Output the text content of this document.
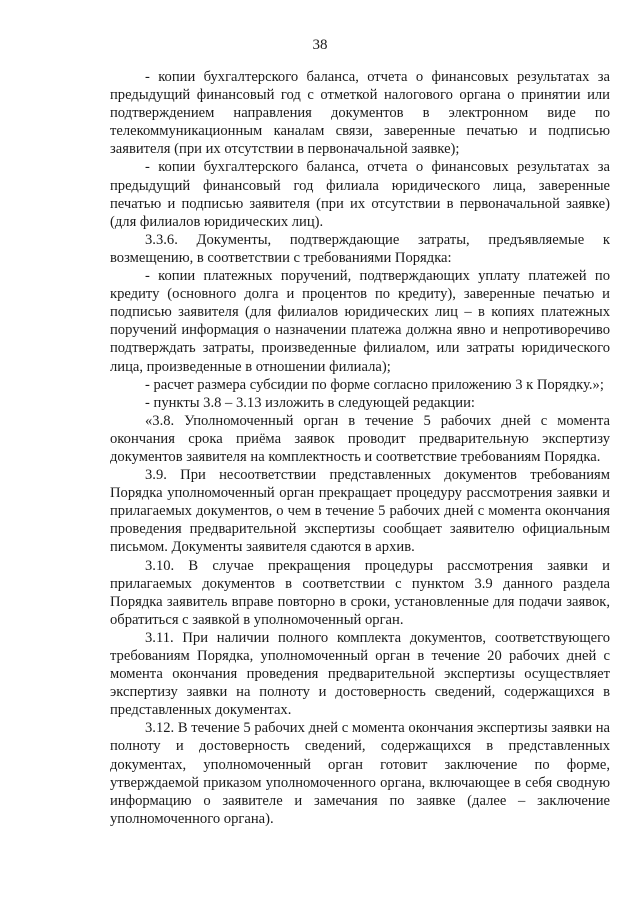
38

- копии бухгалтерского баланса, отчета о финансовых результатах за предыдущий финансовый год с отметкой налогового органа о принятии или подтверждением направления документов в электронном виде по телекоммуникационным каналам связи, заверенные печатью и подписью заявителя (при их отсутствии в первоначальной заявке);

- копии бухгалтерского баланса, отчета о финансовых результатах за предыдущий финансовый год филиала юридического лица, заверенные печатью и подписью заявителя (при их отсутствии в первоначальной заявке) (для филиалов юридических лиц).

3.3.6. Документы, подтверждающие затраты, предъявляемые к возмещению, в соответствии с требованиями Порядка:

- копии платежных поручений, подтверждающих уплату платежей по кредиту (основного долга и процентов по кредиту), заверенные печатью и подписью заявителя (для филиалов юридических лиц – в копиях платежных поручений информация о назначении платежа должна явно и непротиворечиво подтверждать затраты, произведенные филиалом, или затраты юридического лица, произведенные в отношении филиала);

- расчет размера субсидии по форме согласно приложению 3 к Порядку.»;

- пункты 3.8 – 3.13 изложить в следующей редакции:

«3.8. Уполномоченный орган в течение 5 рабочих дней с момента окончания срока приёма заявок проводит предварительную экспертизу документов заявителя на комплектность и соответствие требованиям Порядка.

3.9. При несоответствии представленных документов требованиям Порядка уполномоченный орган прекращает процедуру рассмотрения заявки и прилагаемых документов, о чем в течение 5 рабочих дней с момента окончания проведения предварительной экспертизы сообщает заявителю официальным письмом. Документы заявителя сдаются в архив.

3.10. В случае прекращения процедуры рассмотрения заявки и прилагаемых документов в соответствии с пунктом 3.9 данного раздела Порядка заявитель вправе повторно в сроки, установленные для подачи заявок, обратиться с заявкой в уполномоченный орган.

3.11. При наличии полного комплекта документов, соответствующего требованиям Порядка, уполномоченный орган в течение 20 рабочих дней с момента окончания проведения предварительной экспертизы осуществляет экспертизу заявки на полноту и достоверность сведений, содержащихся в представленных документах.

3.12. В течение 5 рабочих дней с момента окончания экспертизы заявки на полноту и достоверность сведений, содержащихся в представленных документах, уполномоченный орган готовит заключение по форме, утверждаемой приказом уполномоченного органа, включающее в себя сводную информацию о заявителе и замечания по заявке (далее – заключение уполномоченного органа).
